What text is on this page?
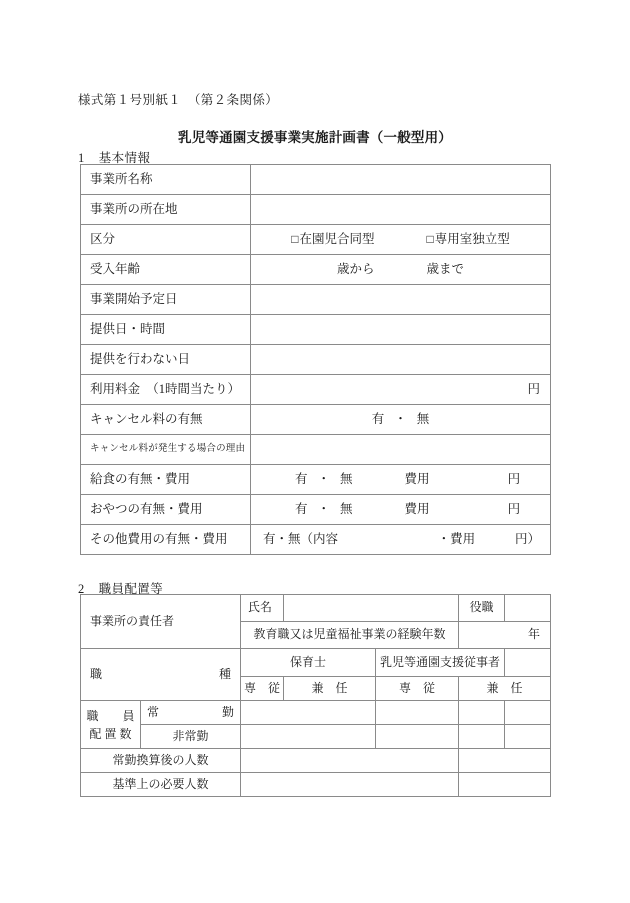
様式第１号別紙１　（第２条関係）
乳児等通園支援事業実施計画書（一般型用）
1 基本情報
事業所名称	
事業所の所在地	
区分	□在園児合同型 □専用室独立型

受入年齢	歳から 歳まで

事業開始予定日	
提供日・時間	
提供を行わない日	
利用料金　（1時間当たり）	円

キャンセル料の有無	有 ・ 無

キャンセル料が発生する場合の理由	
給食の有無・費用	有 ・ 無 費用 円

おやつの有無・費用	有 ・ 無 費用 円

その他費用の有無・費用	有・無（内容 ・費用 円）
2 職員配置等
事業所の責任者		氏名			役職	
		教育職又は児童福祉事業の経験年数			年	

職 種		保育士		乳児等通園支援従事者		
		専　従	兼　任	専　従	兼　任	

職　　員
配 置 数	常 勤					

	非常勤					
常勤換算後の人数						
基準上の必要人数						
